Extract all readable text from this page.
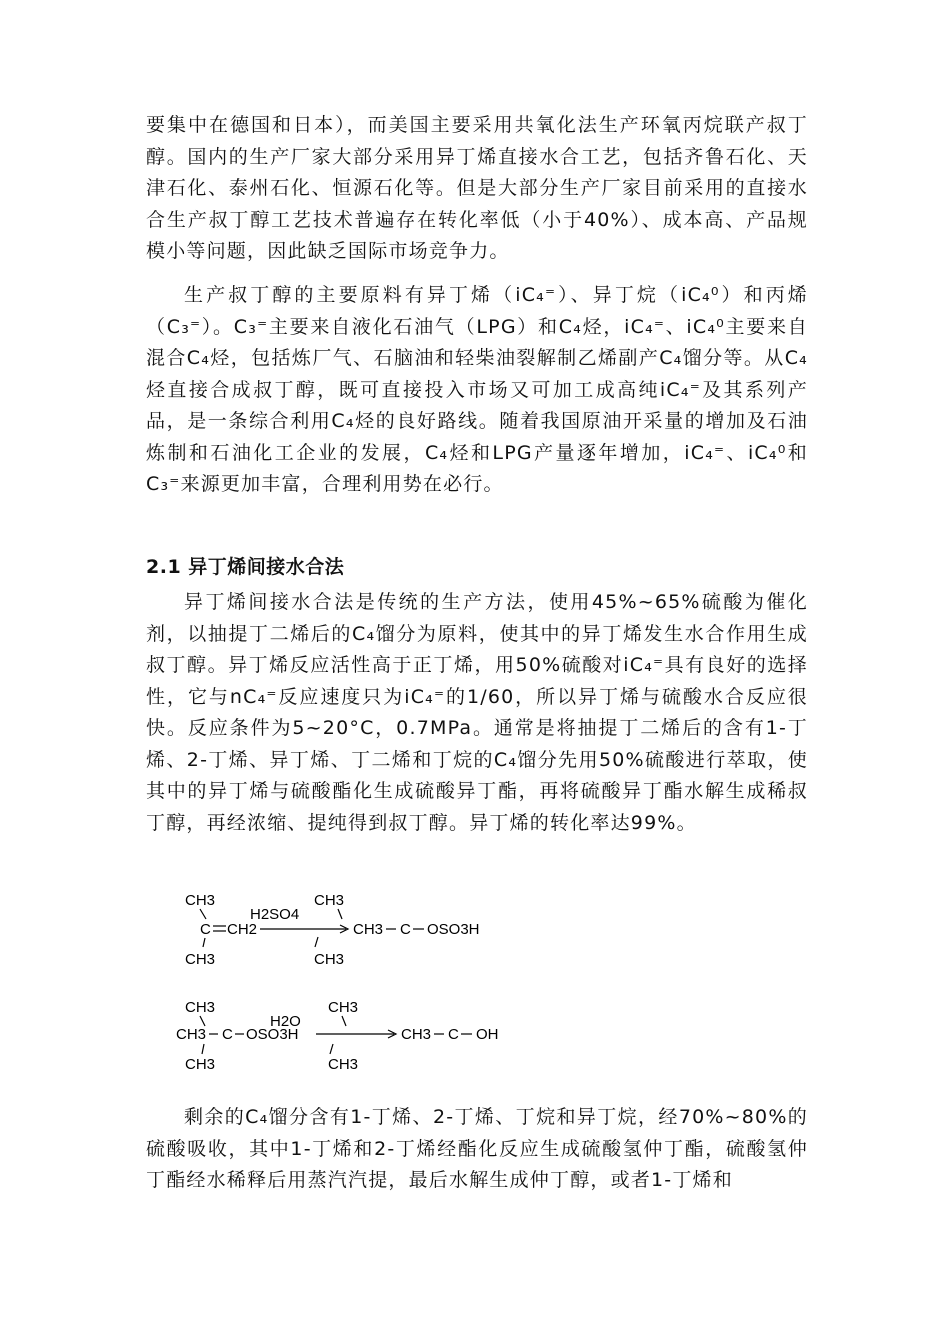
要集中在德国和日本），而美国主要采用共氧化法生产环氧丙烷联产叔丁醇。国内的生产厂家大部分采用异丁烯直接水合工艺，包括齐鲁石化、天津石化、泰州石化、恒源石化等。但是大部分生产厂家目前采用的直接水合生产叔丁醇工艺技术普遍存在转化率低（小于40%）、成本高、产品规模小等问题，因此缺乏国际市场竞争力。

生产叔丁醇的主要原料有异丁烯（iC₄⁼）、异丁烷（iC₄⁰）和丙烯（C₃⁼）。C₃⁼主要来自液化石油气（LPG）和C₄烃，iC₄⁼、iC₄⁰主要来自混合C₄烃，包括炼厂气、石脑油和轻柴油裂解制乙烯副产C₄馏分等。从C₄烃直接合成叔丁醇，既可直接投入市场又可加工成高纯iC₄⁼及其系列产品，是一条综合利用C₄烃的良好路线。随着我国原油开采量的增加及石油炼制和石油化工企业的发展，C₄烃和LPG产量逐年增加，iC₄⁼、iC₄⁰和C₃⁼来源更加丰富，合理利用势在必行。

2.1 异丁烯间接水合法

异丁烯间接水合法是传统的生产方法，使用45%~65%硫酸为催化剂，以抽提丁二烯后的C₄馏分为原料，使其中的异丁烯发生水合作用生成叔丁醇。异丁烯反应活性高于正丁烯，用50%硫酸对iC₄⁼具有良好的选择性，它与nC₄⁼反应速度只为iC₄⁼的1/60，所以异丁烯与硫酸水合反应很快。反应条件为5~20°C，0.7MPa。通常是将抽提丁二烯后的含有1-丁烯、2-丁烯、异丁烯、丁二烯和丁烷的C₄馏分先用50%硫酸进行萃取，使其中的异丁烯与硫酸酯化生成硫酸异丁酯，再将硫酸异丁酯水解生成稀叔丁醇，再经浓缩、提纯得到叔丁醇。异丁烯的转化率达99%。

CH3
C CH2
CH3
H2SO4
CH3
CH3
CH3 C OSO3H
CH3
CH3 C OSO3H
CH3
H2O
CH3
CH3
CH3 C OH

剩余的C₄馏分含有1-丁烯、2-丁烯、丁烷和异丁烷，经70%~80%的硫酸吸收，其中1-丁烯和2-丁烯经酯化反应生成硫酸氢仲丁酯，硫酸氢仲丁酯经水稀释后用蒸汽汽提，最后水解生成仲丁醇，或者1-丁烯和
